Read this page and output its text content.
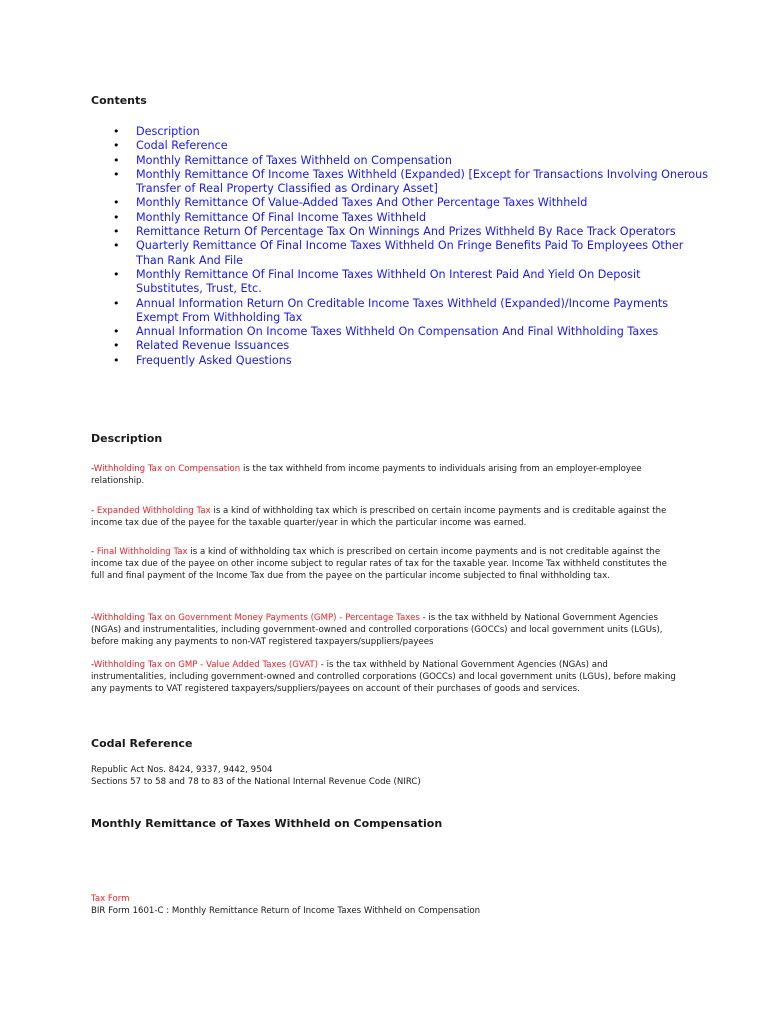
Contents
• Description
• Codal Reference
• Monthly Remittance of Taxes Withheld on Compensation
• Monthly Remittance Of Income Taxes Withheld (Expanded) [Except for Transactions Involving Onerous Transfer of Real Property Classified as Ordinary Asset]
• Monthly Remittance Of Value-Added Taxes And Other Percentage Taxes Withheld
• Monthly Remittance Of Final Income Taxes Withheld
• Remittance Return Of Percentage Tax On Winnings And Prizes Withheld By Race Track Operators
• Quarterly Remittance Of Final Income Taxes Withheld On Fringe Benefits Paid To Employees Other Than Rank And File
• Monthly Remittance Of Final Income Taxes Withheld On Interest Paid And Yield On Deposit Substitutes, Trust, Etc.
• Annual Information Return On Creditable Income Taxes Withheld (Expanded)/Income Payments Exempt From Withholding Tax
• Annual Information On Income Taxes Withheld On Compensation And Final Withholding Taxes
• Related Revenue Issuances
• Frequently Asked Questions
Description

-Withholding Tax on Compensation is the tax withheld from income payments to individuals arising from an employer-employee relationship.

- Expanded Withholding Tax is a kind of withholding tax which is prescribed on certain income payments and is creditable against the income tax due of the payee for the taxable quarter/year in which the particular income was earned.

- Final Withholding Tax is a kind of withholding tax which is prescribed on certain income payments and is not creditable against the income tax due of the payee on other income subject to regular rates of tax for the taxable year. Income Tax withheld constitutes the full and final payment of the Income Tax due from the payee on the particular income subjected to final withholding tax.

-Withholding Tax on Government Money Payments (GMP) - Percentage Taxes - is the tax withheld by National Government Agencies (NGAs) and instrumentalities, including government-owned and controlled corporations (GOCCs) and local government units (LGUs), before making any payments to non-VAT registered taxpayers/suppliers/payees

-Withholding Tax on GMP - Value Added Taxes (GVAT) - is the tax withheld by National Government Agencies (NGAs) and instrumentalities, including government-owned and controlled corporations (GOCCs) and local government units (LGUs), before making any payments to VAT registered taxpayers/suppliers/payees on account of their purchases of goods and services.

Codal Reference
Republic Act Nos. 8424, 9337, 9442, 9504
Sections 57 to 58 and 78 to 83 of the National Internal Revenue Code (NIRC)
Monthly Remittance of Taxes Withheld on Compensation
Tax Form
BIR Form 1601-C : Monthly Remittance Return of Income Taxes Withheld on Compensation
